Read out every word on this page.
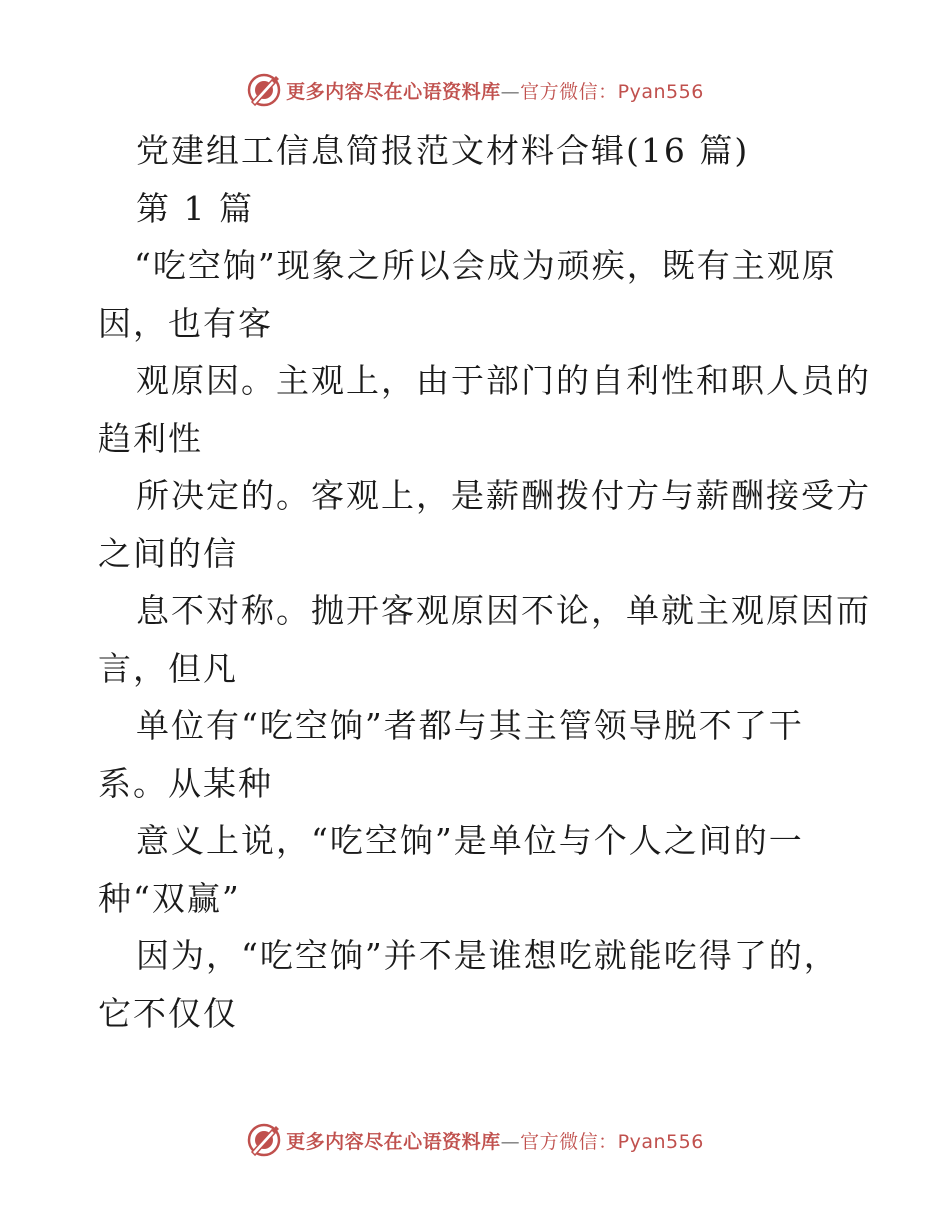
更多内容尽在心语资料库—官方微信：Pyan556
党建组工信息简报范文材料合辑(16 篇)
第 1 篇
“吃空饷”现象之所以会成为顽疾，既有主观原
因，也有客
观原因。主观上，由于部门的自利性和职人员的
趋利性
所决定的。客观上，是薪酬拨付方与薪酬接受方
之间的信
息不对称。抛开客观原因不论，单就主观原因而
言，但凡
单位有“吃空饷”者都与其主管领导脱不了干
系。从某种
意义上说，“吃空饷”是单位与个人之间的一
种“双赢”
因为，“吃空饷”并不是谁想吃就能吃得了的，
它不仅仅
更多内容尽在心语资料库—官方微信：Pyan556
